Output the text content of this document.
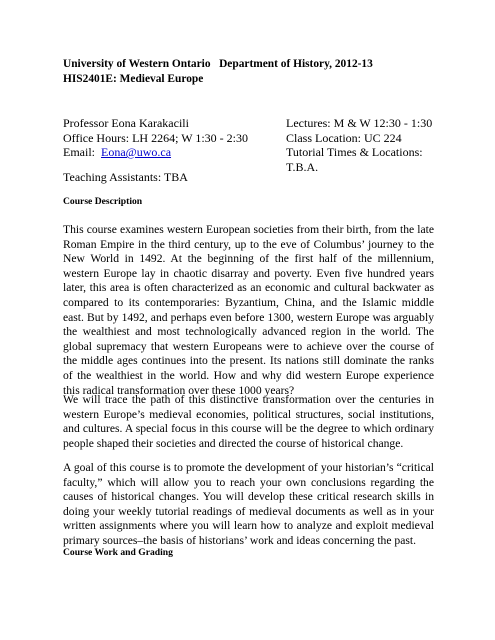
University of Western Ontario   Department of History, 2012-13
HIS2401E: Medieval Europe
Professor Eona Karakacili
Office Hours: LH 2264; W 1:30 - 2:30
Email:  Eona@uwo.ca
Lectures: M & W 12:30 - 1:30
Class Location: UC 224
Tutorial Times & Locations:
T.B.A.
Teaching Assistants: TBA
Course Description

This course examines western European societies from their birth, from the late Roman Empire in the third century, up to the eve of Columbus’ journey to the New World in 1492. At the beginning of the first half of the millennium, western Europe lay in chaotic disarray and poverty. Even five hundred years later, this area is often characterized as an economic and cultural backwater as compared to its contemporaries: Byzantium, China, and the Islamic middle east. But by 1492, and perhaps even before 1300, western Europe was arguably the wealthiest and most technologically advanced region in the world. The global supremacy that western Europeans were to achieve over the course of the middle ages continues into the present. Its nations still dominate the ranks of the wealthiest in the world. How and why did western Europe experience this radical transformation over these 1000 years?

We will trace the path of this distinctive transformation over the centuries in western Europe’s medieval economies, political structures, social institutions, and cultures. A special focus in this course will be the degree to which ordinary people shaped their societies and directed the course of historical change.

A goal of this course is to promote the development of your historian’s “critical faculty,” which will allow you to reach your own conclusions regarding the causes of historical changes. You will develop these critical research skills in doing your weekly tutorial readings of medieval documents as well as in your written assignments where you will learn how to analyze and exploit medieval primary sources–the basis of historians’ work and ideas concerning the past.

Course Work and Grading
